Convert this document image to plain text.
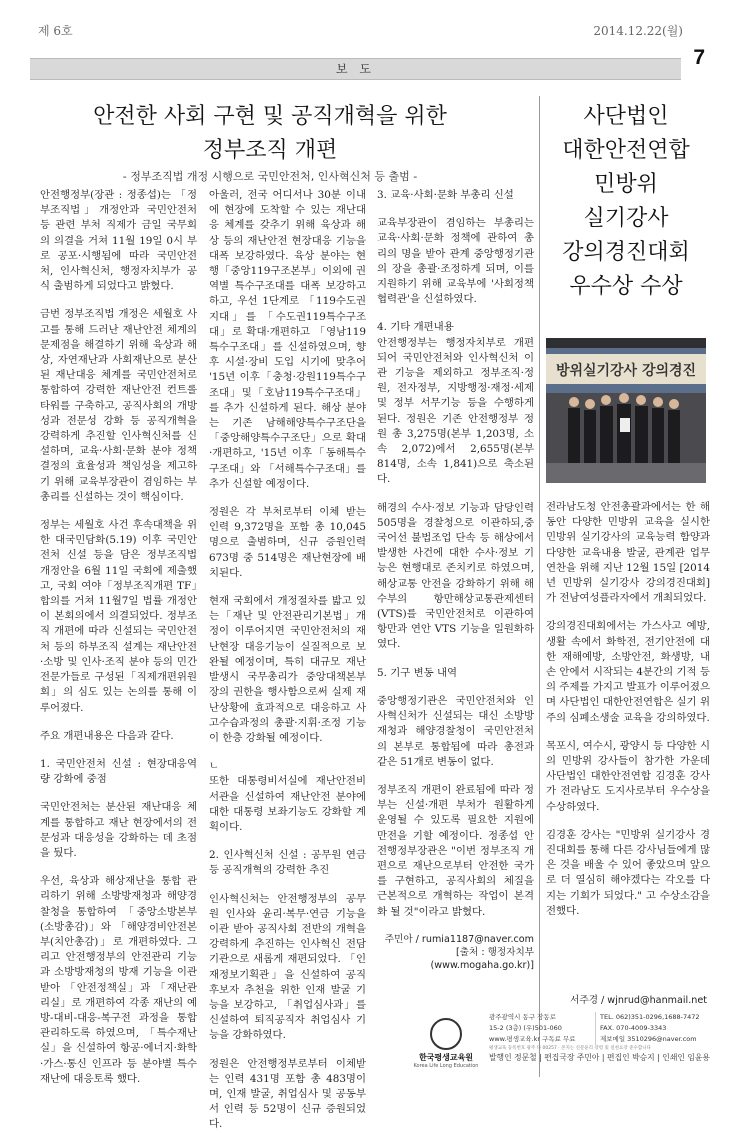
제 6호	2014.12.22(월)
보 도	7
안전한 사회 구현 및 공직개혁을 위한
정부조직 개편
- 정부조직법 개정 시행으로 국민안전처, 인사혁신처 등 출범 -

안전행정부(장관 : 정종섭)는 「정부조직법」개정안과 국민안전처 등 관련 부처 직제가 금일 국무회의 의결을 거쳐 11월 19일 0시 부로 공포·시행됨에 따라 국민안전처, 인사혁신처, 행정자치부가 공식 출범하게 되었다고 밝혔다.

금번 정부조직법 개정은 세월호 사고를 통해 드러난 재난안전 체계의 문제점을 해결하기 위해 육상과 해상, 자연재난과 사회재난으로 분산된 재난대응 체계를 국민안전처로 통합하여 강력한 재난안전 컨트롤타워를 구축하고, 공직사회의 개방성과 전문성 강화 등 공직개혁을 강력하게 추진할 인사혁신처를 신설하며, 교육·사회·문화 분야 정책결정의 효율성과 책임성을 제고하기 위해 교육부장관이 겸임하는 부총리를 신설하는 것이 핵심이다.

정부는 세월호 사건 후속대책을 위한 대국민담화(5.19) 이후 국민안전처 신설 등을 담은 정부조직법 개정안을 6월 11일 국회에 제출했고, 국회 여야「정부조직개편 TF」합의를 거쳐 11월7일 법률 개정안이 본회의에서 의결되었다. 정부조직 개편에 따라 신설되는 국민안전처 등의 하부조직 설계는 재난안전·소방 및 인사·조직 분야 등의 민간 전문가들로 구성된「직제개편위원회」의 심도 있는 논의를 통해 이루어졌다.

주요 개편내용은 다음과 같다.

1. 국민안전처 신설 : 현장대응역량 강화에 중점

국민안전처는 분산된 재난대응 체계를 통합하고 재난 현장에서의 전문성과 대응성을 강화하는 데 초점을 뒀다.

우선, 육상과 해상재난을 통합 관리하기 위해 소방방재청과 해양경찰청을 통합하여 「중앙소방본부(소방총감)」와 「해양경비안전본부(치안총감)」로 개편하였다. 그리고 안전행정부의 안전관리 기능과 소방방재청의 방재 기능을 이관받아 「안전정책실」과 「재난관리실」로 개편하여 각종 재난의 예방-대비-대응-복구전 과정을 통합 관리하도록 하였으며, 「특수재난실」을 신설하여 항공·에너지·화학·가스·통신 인프라 등 분야별 특수재난에 대응토록 했다.

아울러, 전국 어디서나 30분 이내에 현장에 도착할 수 있는 재난대응 체계를 갖추기 위해 육상과 해상 등의 재난안전 현장대응 기능을 대폭 보강하였다. 육상 분야는 현행「중앙119구조본부」이외에 권역별 특수구조대를 대폭 보강하고 하고, 우선 1단계로 「119수도권지대」를 「수도권119특수구조대」로 확대·개편하고 「영남119특수구조대」를 신설하였으며, 향후 시설·장비 도입 시기에 맞추어 '15년 이후「충청·강원119특수구조대」및「호남119특수구조대」를 추가 신설하게 된다. 해상 분야는 기존 남해해양특수구조단을 「중앙해양특수구조단」으로 확대·개편하고, '15년 이후「동해특수구조대」와 「서해특수구조대」를 추가 신설할 예정이다.

정원은 각 부처로부터 이체 받는 인력 9,372명을 포함 총 10,045명으로 출범하며, 신규 증원인력 673명 중 514명은 재난현장에 배치된다.

현재 국회에서 개정절차를 밟고 있는「재난 및 안전관리기본법」개정이 이루어지면 국민안전처의 재난현장 대응기능이 실질적으로 보완될 예정이며, 특히 대규모 재난발생시 국무총리가 중앙대책본부장의 권한을 행사함으로써 실제 재난상황에 효과적으로 대응하고 사고수습과정의 총괄·지휘·조정 기능이 한층 강화될 예정이다.

ㄴ
또한 대통령비서실에 재난안전비서관을 신설하여 재난안전 분야에 대한 대통령 보좌기능도 강화할 계획이다.

2. 인사혁신처 신설 : 공무원 연금 등 공직개혁의 강력한 추진

인사혁신처는 안전행정부의 공무원 인사와 윤리·복무·연금 기능을 이관 받아 공직사회 전반의 개혁을 강력하게 추진하는 인사혁신 전담기관으로 새롭게 재편되었다. 「인재정보기획관」을 신설하여 공직후보자 추천을 위한 인재 발굴 기능을 보강하고, 「취업심사과」를 신설하여 퇴직공직자 취업심사 기능을 강화하였다.

정원은 안전행정부로부터 이체받는 인력 431명 포함 총 483명이며, 인재 발굴, 취업심사 및 공동부서 인력 등 52명이 신규 증원되었다.

3. 교육·사회·문화 부총리 신설

교육부장관이 겸임하는 부총리는 교육·사회·문화 정책에 관하여 총리의 명을 받아 관계 중앙행정기관의 장을 총괄·조정하게 되며, 이를 지원하기 위해 교육부에 '사회정책협력관'을 신설하였다.

4. 기타 개편내용
안전행정부는 행정자치부로 개편되어 국민안전처와 인사혁신처 이관 기능을 제외하고 정부조직·정원, 전자정부, 지방행정·재정·세제 및 정부 서무기능 등을 수행하게 된다. 정원은 기존 안전행정부 정원 총 3,275명(본부 1,203명, 소속 2,072)에서 2,655명(본부 814명, 소속 1,841)으로 축소된다.

해경의 수사·정보 기능과 담당인력 505명을 경찰청으로 이관하되,중국어선 불법조업 단속 등 해상에서 발생한 사건에 대한 수사·정보 기능은 현행대로 존치키로 하였으며, 해상교통 안전을 강화하기 위해 해수부의 항만해상교통관제센터(VTS)를 국민안전처로 이관하여 항만과 연안 VTS 기능을 일원화하였다.

5. 기구 변동 내역

중앙행정기관은 국민안전처와 인사혁신처가 신설되는 대신 소방방재청과 해양경찰청이 국민안전처의 본부로 통합됨에 따라 총전과 같은 51개로 변동이 없다.

정부조직 개편이 완료됨에 따라 정부는 신설·개편 부처가 원활하게 운영될 수 있도록 필요한 지원에 만전을 기할 예정이다. 정종섭 안전행정부장관은 "이번 정부조직 개편으로 재난으로부터 안전한 국가를 구현하고, 공직사회의 체질을 근본적으로 개혁하는 작업이 본격화 될 것"이라고 밝혔다.

주민아 / rumia1187@naver.com
[출처 : 행정자치부
(www.mogaha.go.kr)]
사단법인
대한안전연합
민방위
실기강사
강의경진대회
우수상 수상
방위실기강사 강의경진

전라남도청 안전총괄과에서는 한 해 동안 다양한 민방위 교육을 실시한 민방위 실기강사의 교육능력 함양과 다양한 교육내용 발굴, 관계관 업무 연찬을 위해 지난 12월 15일 [2014년 민방위 실기강사 강의경진대회]가 전남여성플라자에서 개최되었다.

강의경진대회에서는 가스사고 예방, 생활 속에서 화학전, 전기안전에 대한 재해예방, 소방안전, 화생방, 내 손 안에서 시작되는 4분간의 기적 등의 주제를 가지고 발표가 이루어졌으며 사단법인 대한안전연합은 실기 위주의 심폐소생술 교육을 강의하였다.

목포시, 여수시, 광양시 등 다양한 시의 민방위 강사들이 참가한 가운데 사단법인 대한안전연합 김경훈 강사가 전라남도 도지사로부터 우수상을 수상하였다.

김경훈 강사는 "민방위 실기강사 경진대회를 통해 다른 강사님들에게 많은 것을 배울 수 있어 좋았으며 앞으로 더 열심히 해야겠다는 각오를 다지는 기회가 되었다." 고 수상소감을 전했다.

서주경 / wjnrud@hanmail.net
한국평생교육원
Korea Life Long Education
광주광역시 동구 장동로
15-2 (3층) (우)501-060
www.평생교육.kr 구독료 무료
TEL. 062)351-0296,1688-7472
FAX. 070-4009-3343
제보메일 3510296@naver.com
평생교육 등록번호 광주 다 00257 · 본지는 신문윤리 강령 및 실천요강 준수합니다
발행인 정문철 | 편집국장 주민아 | 편집인 박승지 | 인쇄인 임윤용
